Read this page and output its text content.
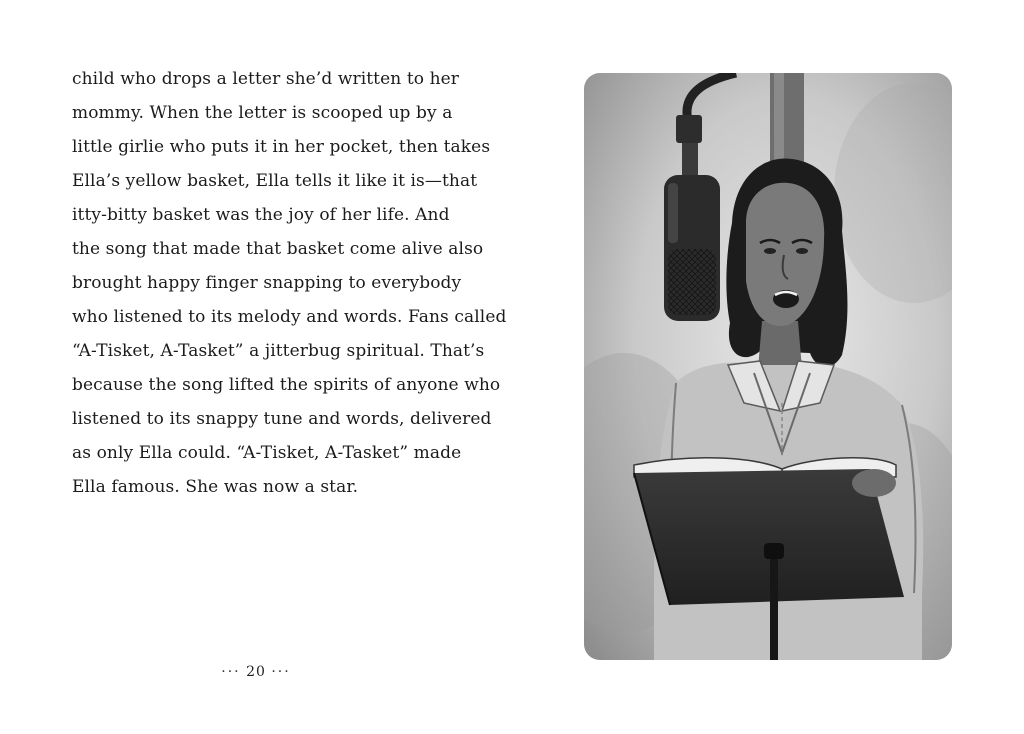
child who drops a letter she’d written to her
mommy. When the letter is scooped up by a
little girlie who puts it in her pocket, then takes
Ella’s yellow basket, Ella tells it like it is—that
itty-bitty basket was the joy of her life. And
the song that made that basket come alive also
brought happy finger snapping to everybody
who listened to its melody and words. Fans called
“A-Tisket, A-Tasket” a jitterbug spiritual. That’s
because the song lifted the spirits of anyone who
listened to its snappy tune and words, delivered
as only Ella could. “A-Tisket, A-Tasket” made
Ella famous. She was now a star.
··· 20 ···
